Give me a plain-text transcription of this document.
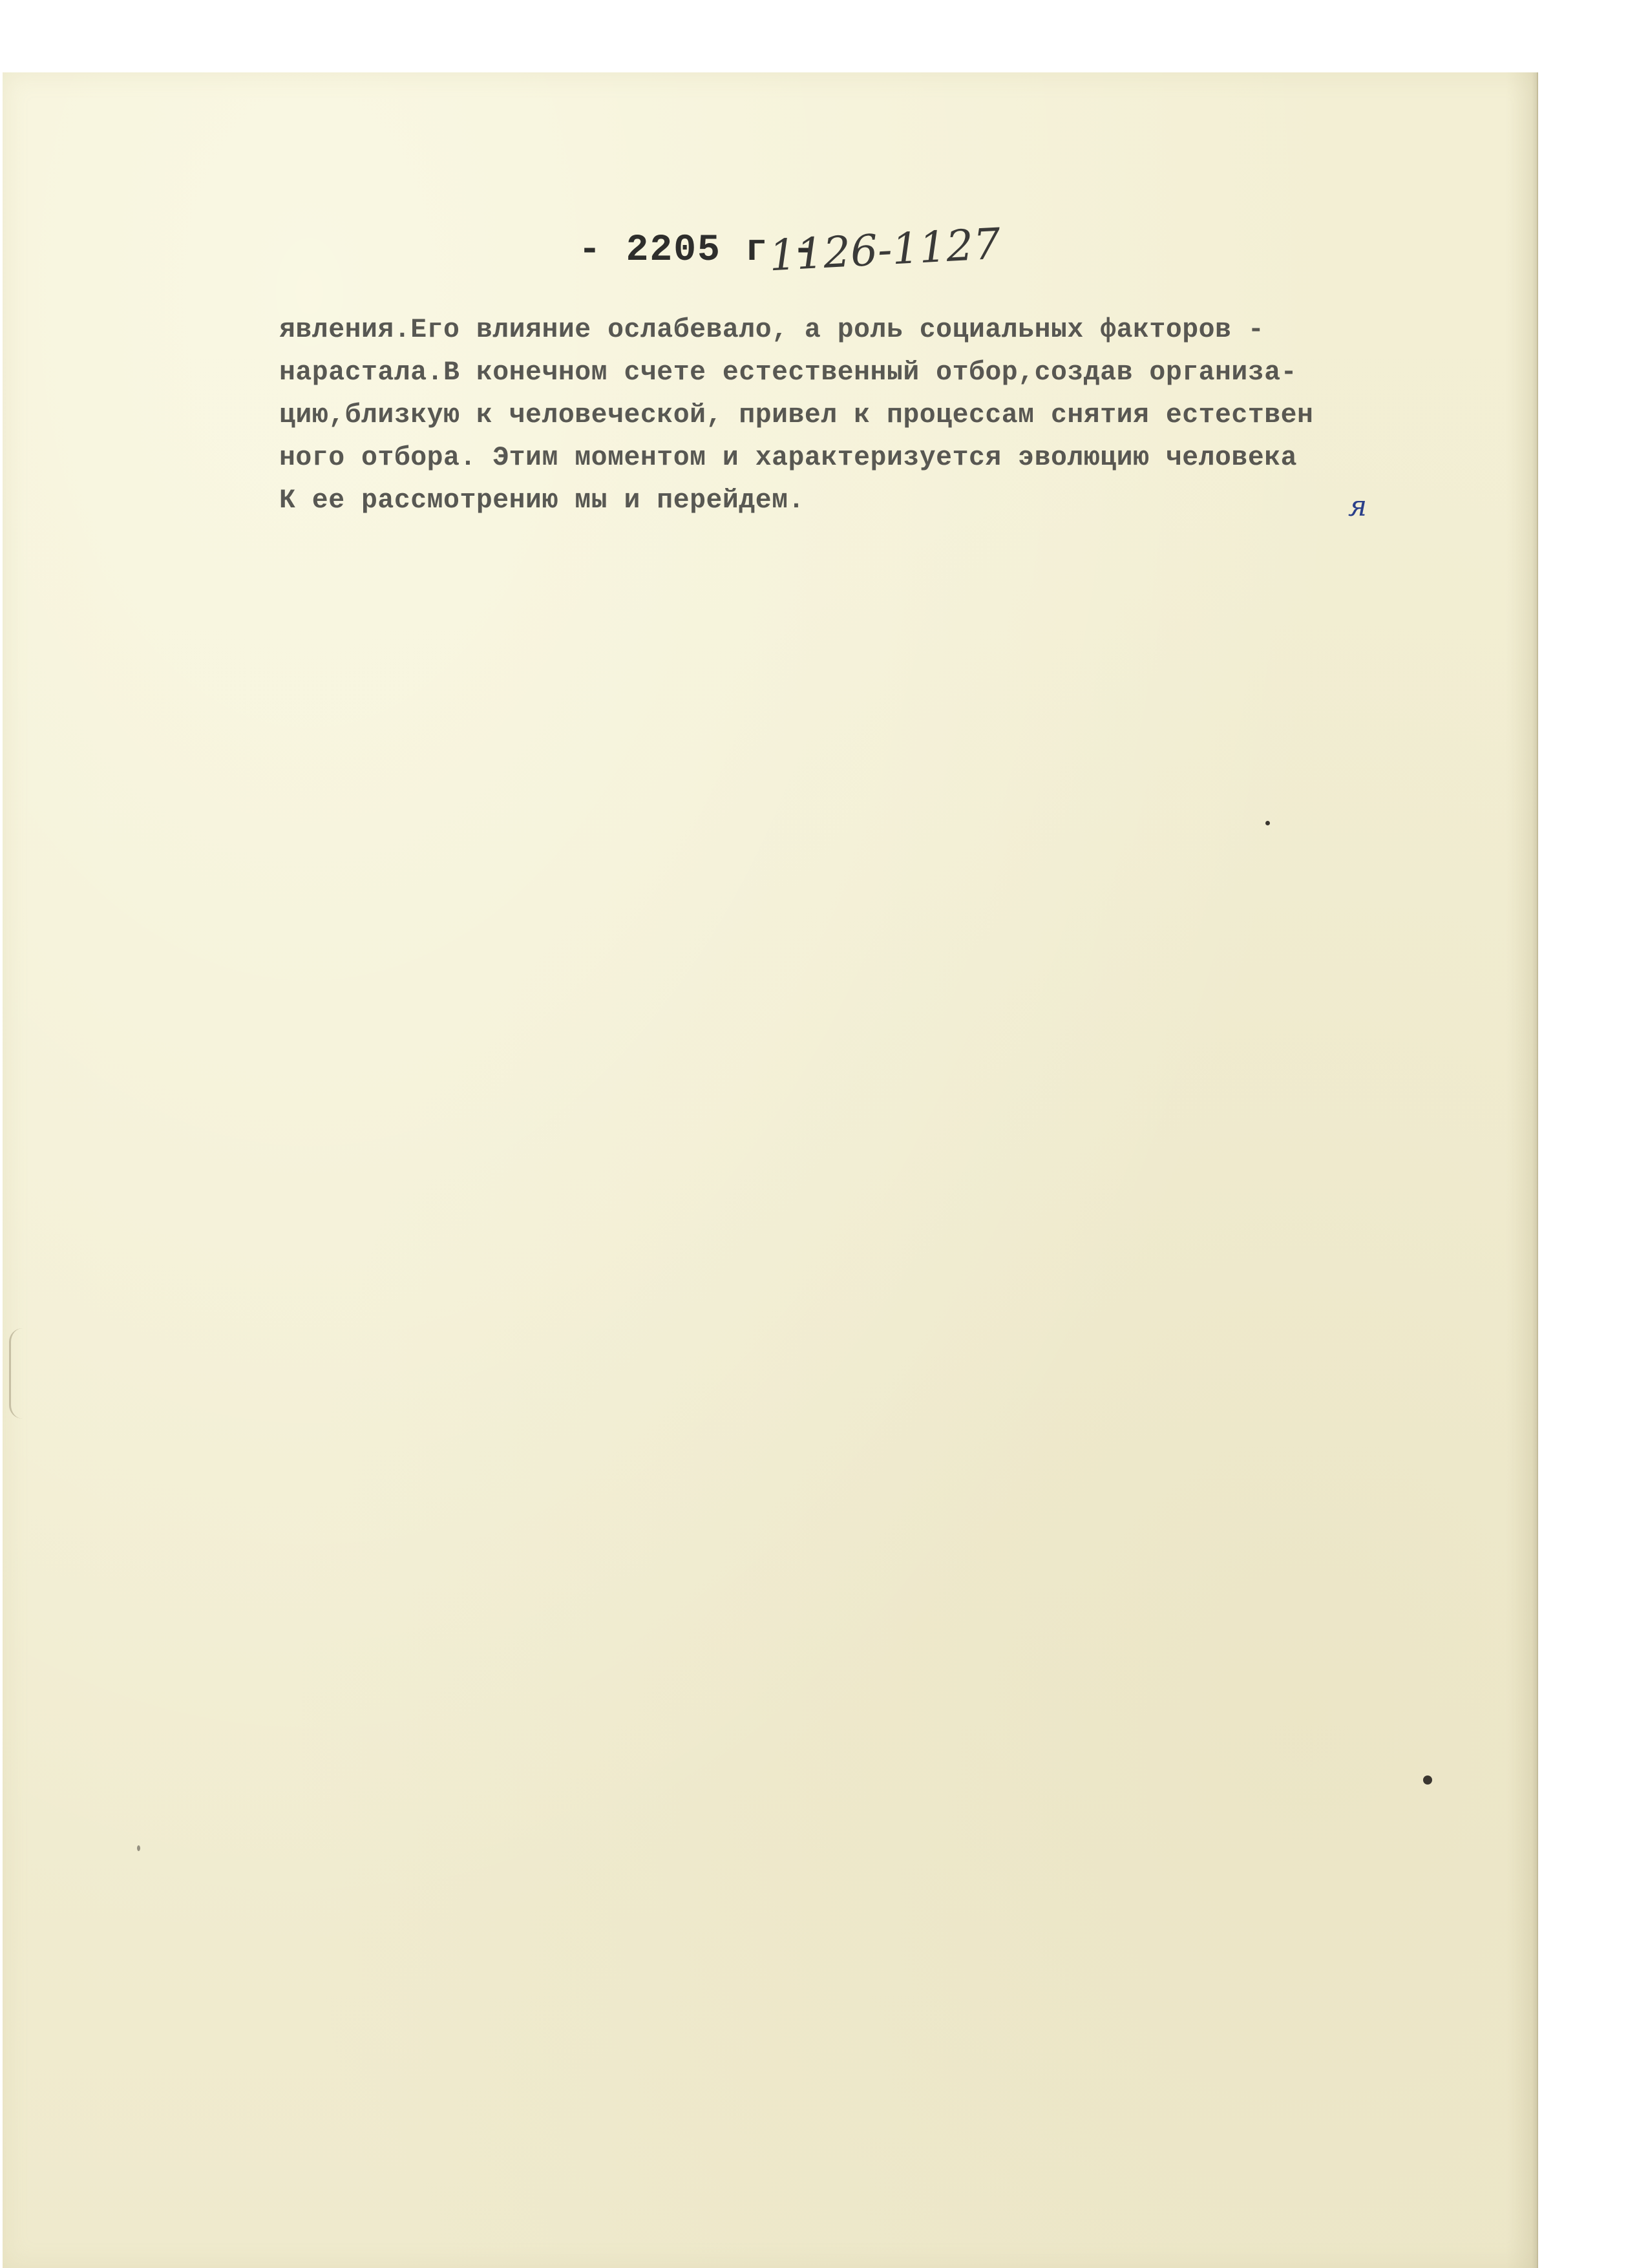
- 2205 г -
1126-1127
явления.Его влияние ослабевало, а роль социальных факторов -
нарастала.В конечном счете естественный отбор,создав организа-
цию,близкую к человеческой, привел к процессам снятия естествен
ного отбора. Этим моментом и характеризуется эволюцию человека
К ее рассмотрению мы и перейдем.	я
